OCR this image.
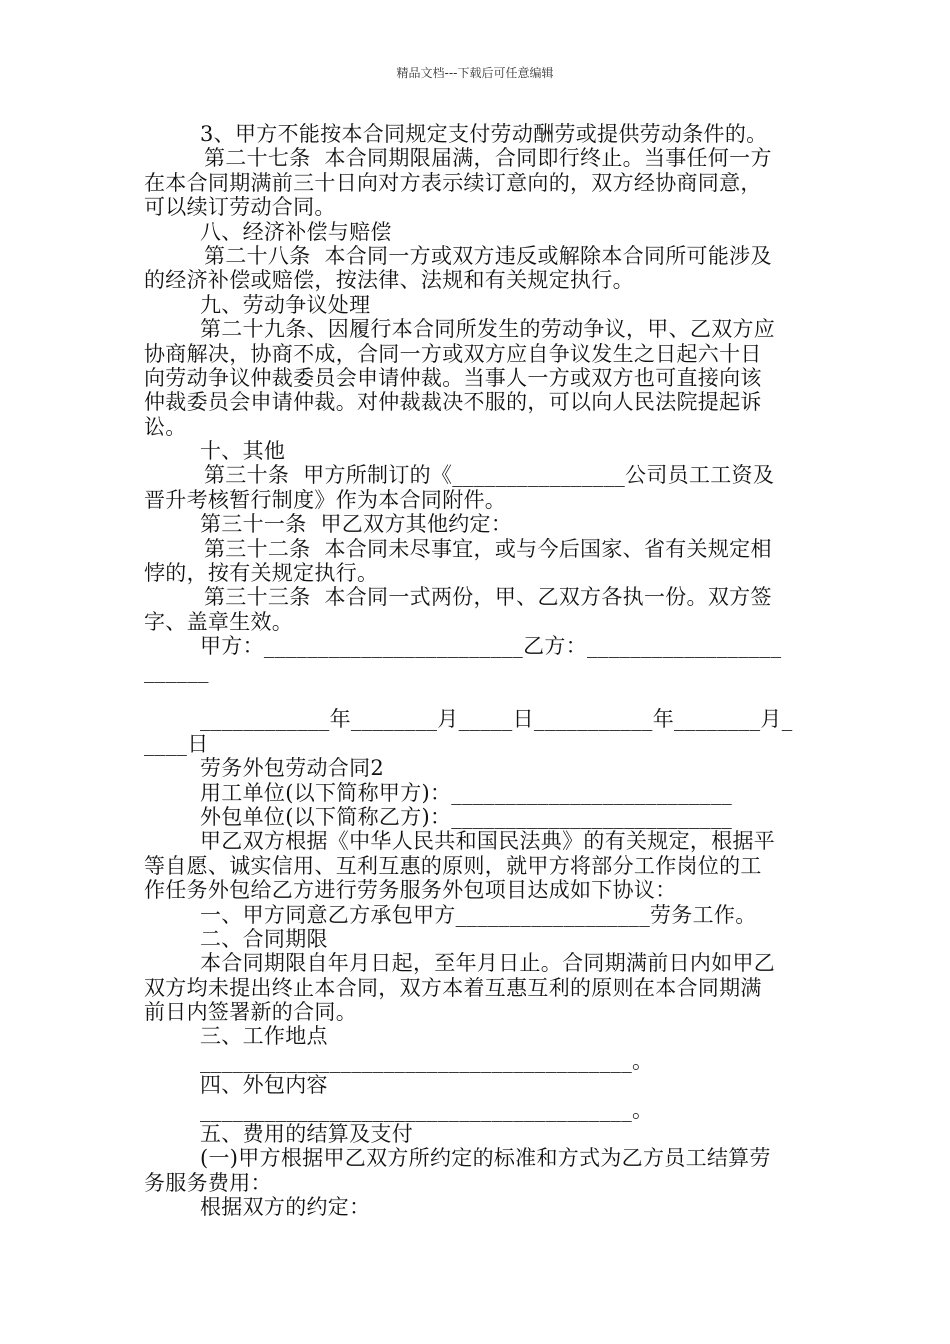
精品文档---下载后可任意编辑
3、甲方不能按本合同规定支付劳动酬劳或提供劳动条件的。
第二十七条  本合同期限届满，合同即行终止。当事任何一方
在本合同期满前三十日向对方表示续订意向的，双方经协商同意，
可以续订劳动合同。
八、经济补偿与赔偿
第二十八条  本合同一方或双方违反或解除本合同所可能涉及
的经济补偿或赔偿，按法律、法规和有关规定执行。
九、劳动争议处理
第二十九条、因履行本合同所发生的劳动争议，甲、乙双方应
协商解决，协商不成，合同一方或双方应自争议发生之日起六十日
向劳动争议仲裁委员会申请仲裁。当事人一方或双方也可直接向该
仲裁委员会申请仲裁。对仲裁裁决不服的，可以向人民法院提起诉
讼。
十、其他
第三十条  甲方所制订的《________________公司员工工资及
晋升考核暂行制度》作为本合同附件。
第三十一条  甲乙双方其他约定：
第三十二条  本合同未尽事宜，或与今后国家、省有关规定相
悖的，按有关规定执行。
第三十三条  本合同一式两份，甲、乙双方各执一份。双方签
字、盖章生效。
甲方：________________________乙方：__________________
______
____________年________月_____日___________年________月_
____日
劳务外包劳动合同2
用工单位(以下简称甲方)：__________________________
外包单位(以下简称乙方)：__________________________
甲乙双方根据《中华人民共和国民法典》的有关规定，根据平
等自愿、诚实信用、互利互惠的原则，就甲方将部分工作岗位的工
作任务外包给乙方进行劳务服务外包项目达成如下协议：
一、甲方同意乙方承包甲方__________________劳务工作。
二、合同期限
本合同期限自年月日起，至年月日止。合同期满前日内如甲乙
双方均未提出终止本合同，双方本着互惠互利的原则在本合同期满
前日内签署新的合同。
三、工作地点
________________________________________。
四、外包内容
________________________________________。
五、费用的结算及支付
(一)甲方根据甲乙双方所约定的标准和方式为乙方员工结算劳
务服务费用：
根据双方的约定：
